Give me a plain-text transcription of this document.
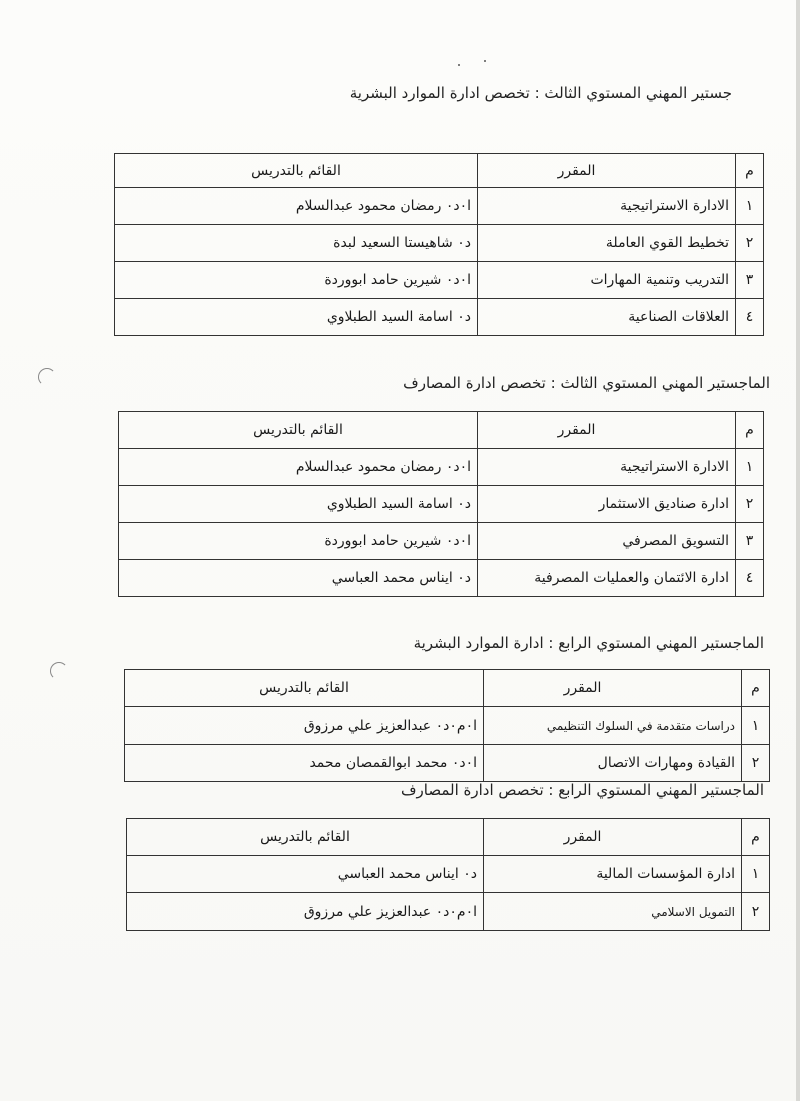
جستير المهني المستوي الثالث : تخصص ادارة الموارد البشرية
م	المقرر	القائم بالتدريس
١	الادارة الاستراتيجية	ا٠د٠ رمضان محمود عبدالسلام
٢	تخطيط القوي العاملة	د٠ شاهيستا السعيد لبدة
٣	التدريب وتنمية المهارات	ا٠د٠ شيرين حامد ابووردة
٤	العلاقات الصناعية	د٠ اسامة السيد الطبلاوي
الماجستير المهني المستوي الثالث : تخصص ادارة المصارف
م	المقرر	القائم بالتدريس
١	الادارة الاستراتيجية	ا٠د٠ رمضان محمود عبدالسلام
٢	ادارة صناديق الاستثمار	د٠ اسامة السيد الطبلاوي
٣	التسويق المصرفي	ا٠د٠ شيرين حامد ابووردة
٤	ادارة الائتمان والعمليات المصرفية	د٠ ايناس محمد العباسي
الماجستير المهني المستوي الرابع : ادارة الموارد البشرية
م	المقرر	القائم بالتدريس
١	دراسات متقدمة في السلوك التنظيمي	ا٠م٠د٠ عبدالعزيز علي مرزوق
٢	القيادة ومهارات الاتصال	ا٠د٠ محمد ابوالقمصان محمد
الماجستير المهني المستوي الرابع : تخصص ادارة المصارف
م	المقرر	القائم بالتدريس
١	ادارة المؤسسات المالية	د٠ ايناس محمد العباسي
٢	التمويل الاسلامي	ا٠م٠د٠ عبدالعزيز علي مرزوق
